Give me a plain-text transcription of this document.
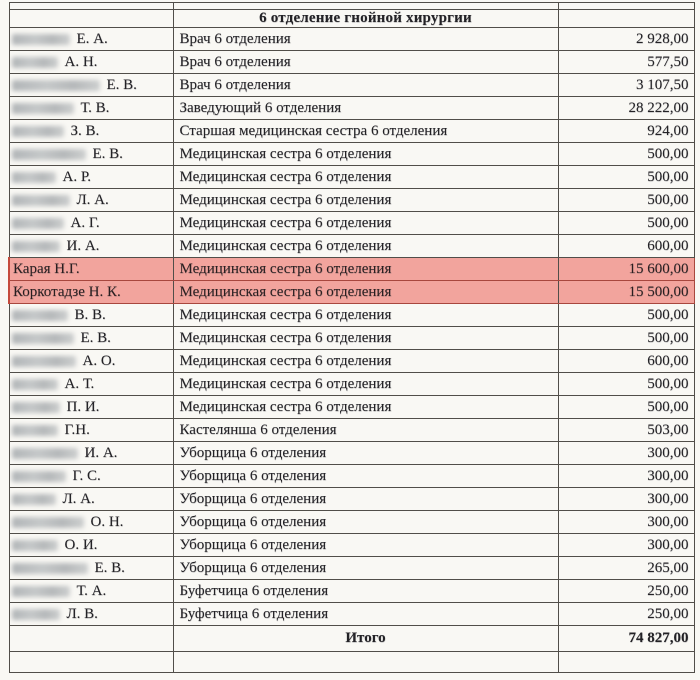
	6 отделение гнойной хирургии	

Е. А.	Врач 6 отделения	2 928,00

А. Н.	Врач 6 отделения	577,50

Е. В.	Врач 6 отделения	3 107,50

Т. В.	Заведующий 6 отделения	28 222,00

З. В.	Старшая медицинская сестра 6 отделения	924,00

Е. В.	Медицинская сестра 6 отделения	500,00

А. Р.	Медицинская сестра 6 отделения	500,00

Л. А.	Медицинская сестра 6 отделения	500,00

А. Г.	Медицинская сестра 6 отделения	500,00

И. А.	Медицинская сестра 6 отделения	600,00
Карая Н.Г.	Медицинская сестра 6 отделения	15 600,00
Коркотадзе Н. К.	Медицинская сестра 6 отделения	15 500,00

В. В.	Медицинская сестра 6 отделения	500,00

Е. В.	Медицинская сестра 6 отделения	500,00

А. О.	Медицинская сестра 6 отделения	600,00

А. Т.	Медицинская сестра 6 отделения	500,00

П. И.	Медицинская сестра 6 отделения	500,00

Г.Н.	Кастелянша 6 отделения	503,00

И. А.	Уборщица 6 отделения	300,00

Г. С.	Уборщица 6 отделения	300,00

Л. А.	Уборщица 6 отделения	300,00

О. Н.	Уборщица 6 отделения	300,00

О. И.	Уборщица 6 отделения	300,00

Е. В.	Уборщица 6 отделения	265,00

Т. А.	Буфетчица 6 отделения	250,00

Л. В.	Буфетчица 6 отделения	250,00
	Итого	74 827,00
